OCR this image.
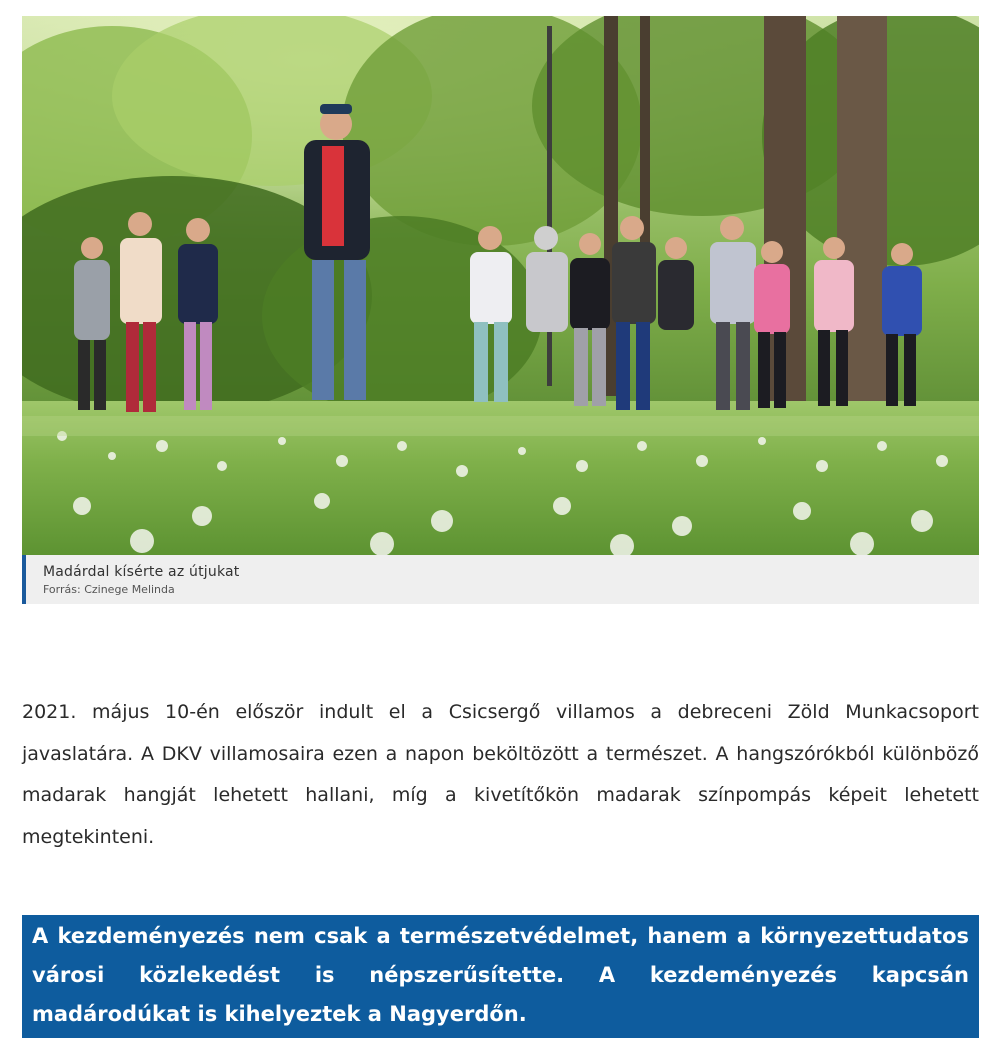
Madárdal kísérte az útjukat
Forrás: Czinege Melinda
2021. május 10-én először indult el a Csicsergő villamos a debreceni Zöld Munkacsoport javaslatára. A DKV villamosaira ezen a napon beköltözött a természet. A hangszórókból különböző madarak hangját lehetett hallani, míg a kivetítőkön madarak színpompás képeit lehetett megtekinteni.
A kezdeményezés nem csak a természetvédelmet, hanem a környezettudatos városi közlekedést is népszerűsítette. A kezdeményezés kapcsán madárodúkat is kihelyeztek a Nagyerdőn.
